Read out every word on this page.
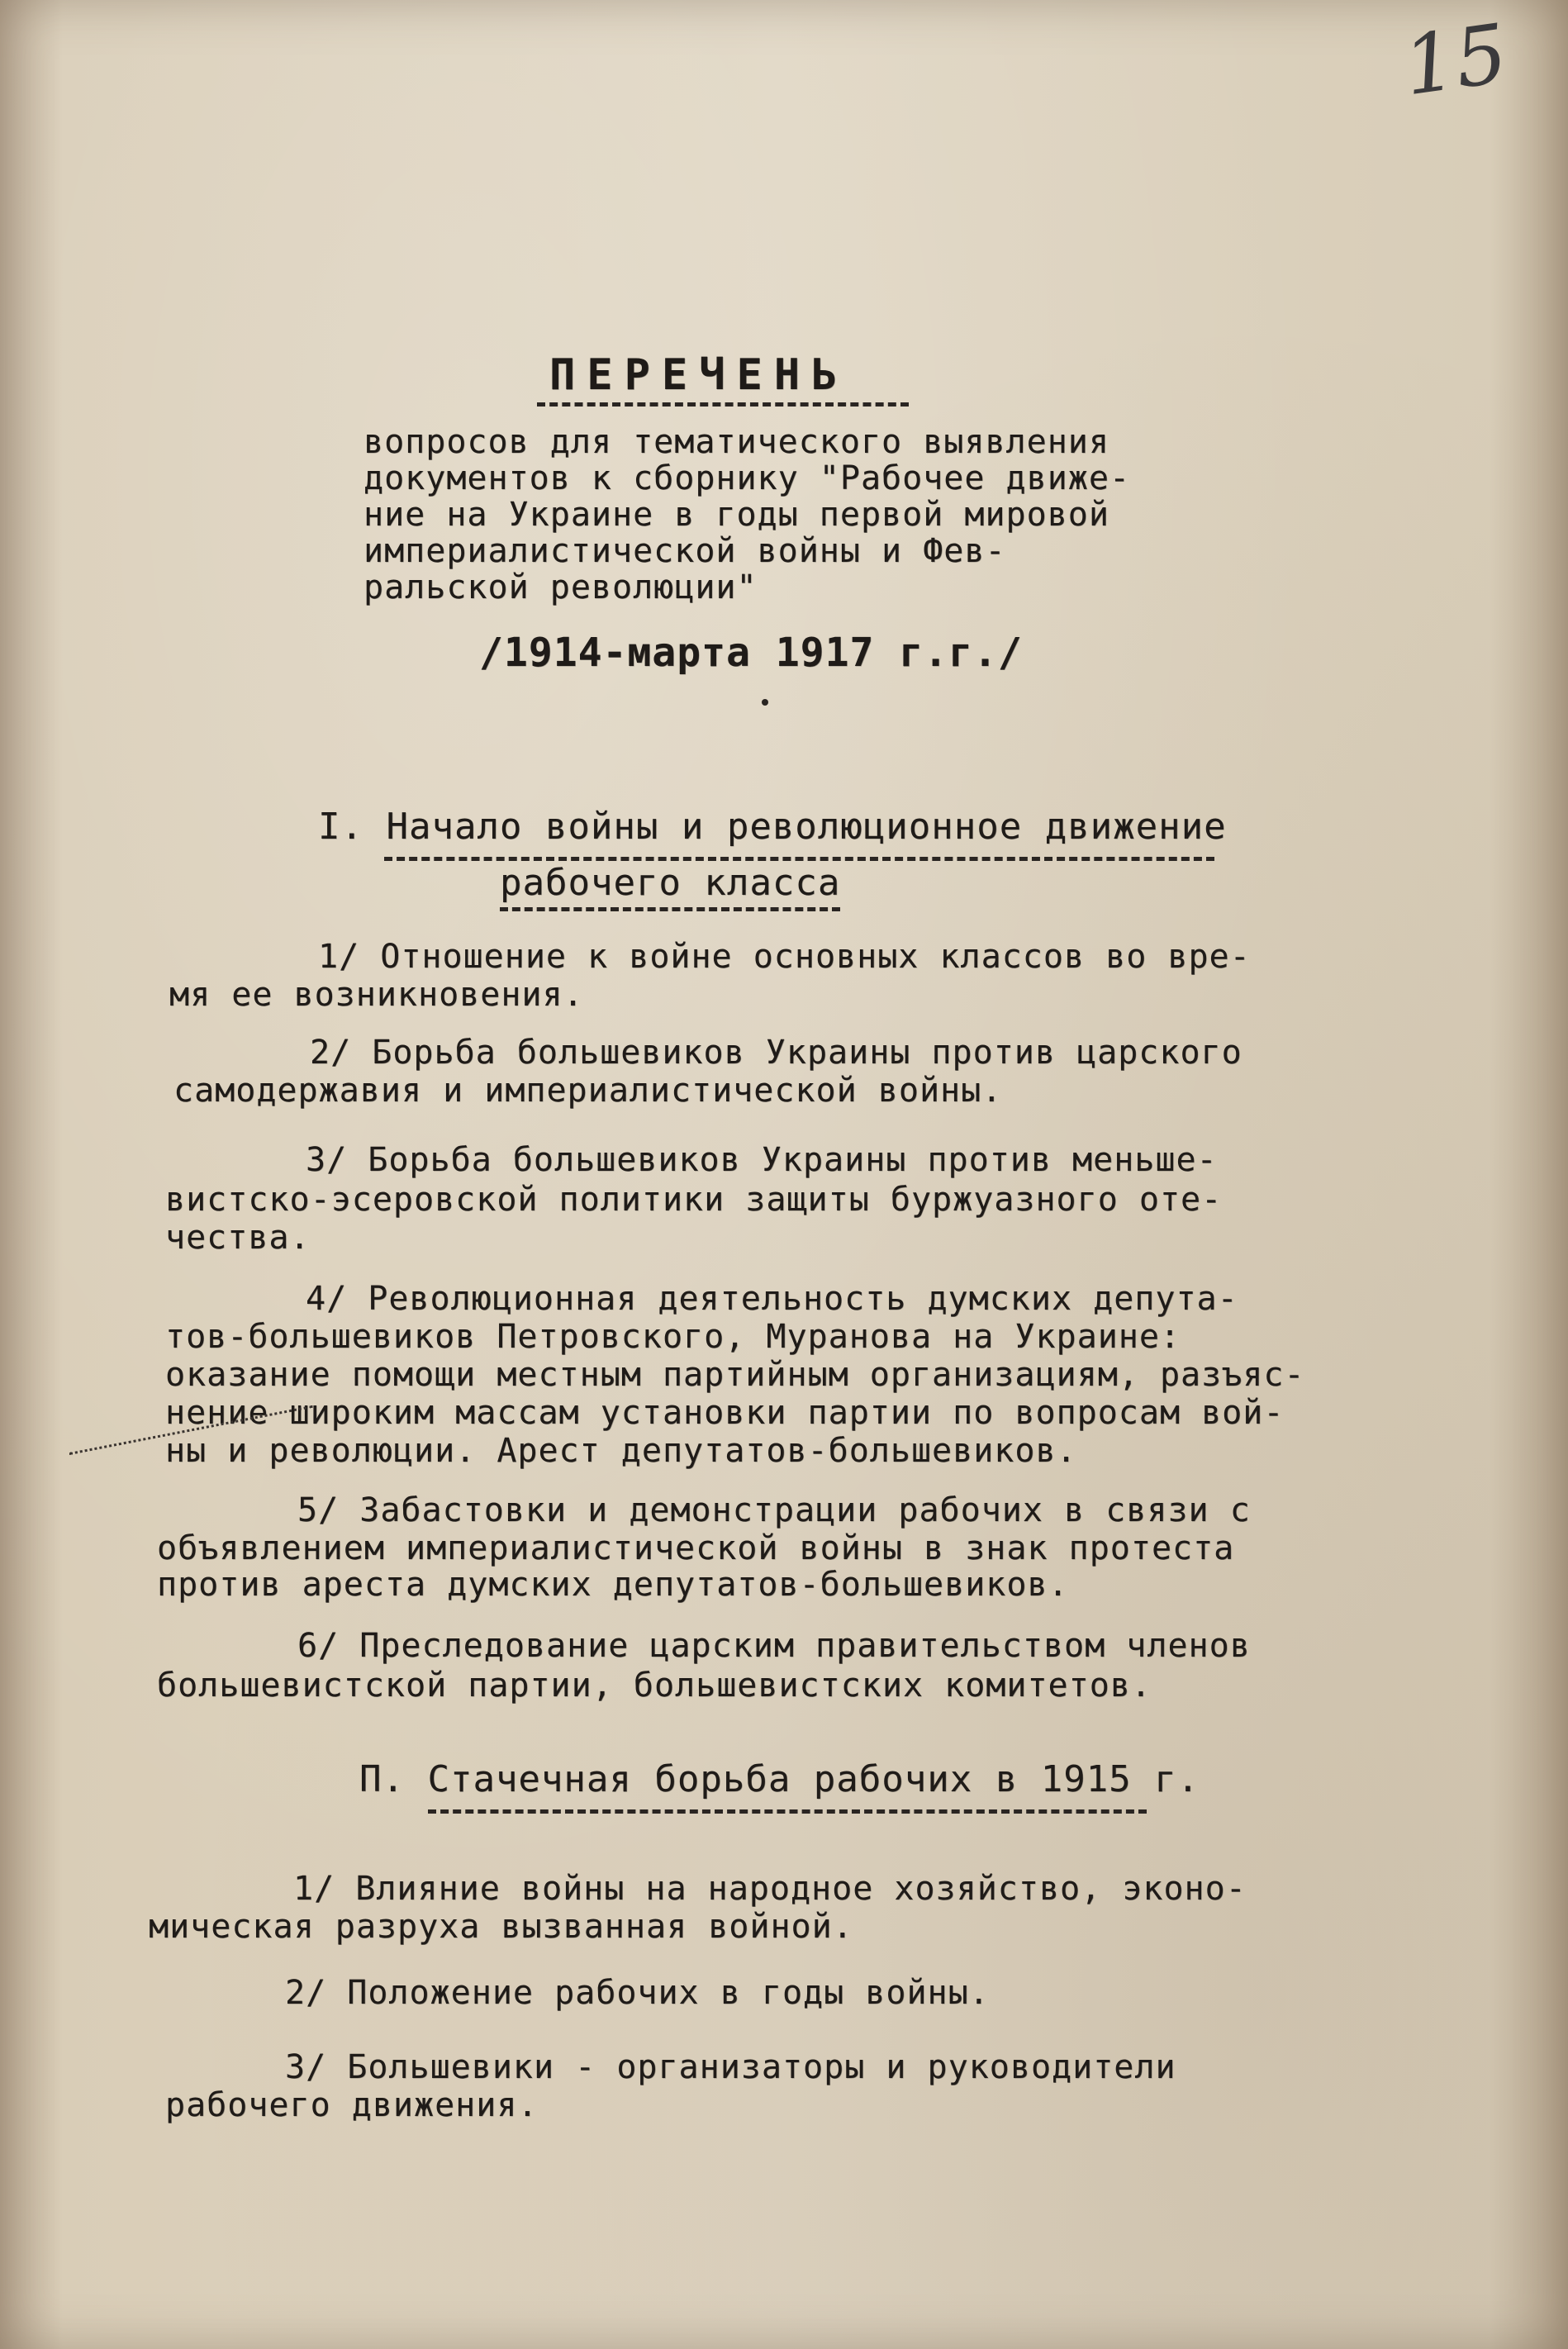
15
ПЕРЕЧЕНЬ
вопросов для тематического выявления
документов к сборнику "Рабочее движе-
ние на Украине в годы первой мировой
империалистической войны и Фев-
ральской революции"
/1914-марта 1917 г.г./
I. Начало войны и революционное движение
рабочего класса
1/ Отношение к войне основных классов во вре-
мя ее возникновения.
2/ Борьба большевиков Украины против царского
самодержавия и империалистической войны.
3/ Борьба большевиков Украины против меньше-
вистско-эсеровской политики защиты буржуазного оте-
чества.
4/ Революционная деятельность думских депута-
тов-большевиков Петровского, Муранова на Украине:
оказание помощи местным партийным организациям, разъяс-
нение широким массам установки партии по вопросам вой-
ны и революции. Арест депутатов-большевиков.
5/ Забастовки и демонстрации рабочих в связи с
объявлением империалистической войны в знак протеста
против ареста думских депутатов-большевиков.
6/ Преследование царским правительством членов
большевистской партии, большевистских комитетов.
П. Стачечная борьба рабочих в 1915 г.
1/ Влияние войны на народное хозяйство, эконо-
мическая разруха вызванная войной.
2/ Положение рабочих в годы войны.
3/ Большевики - организаторы и руководители
рабочего движения.
